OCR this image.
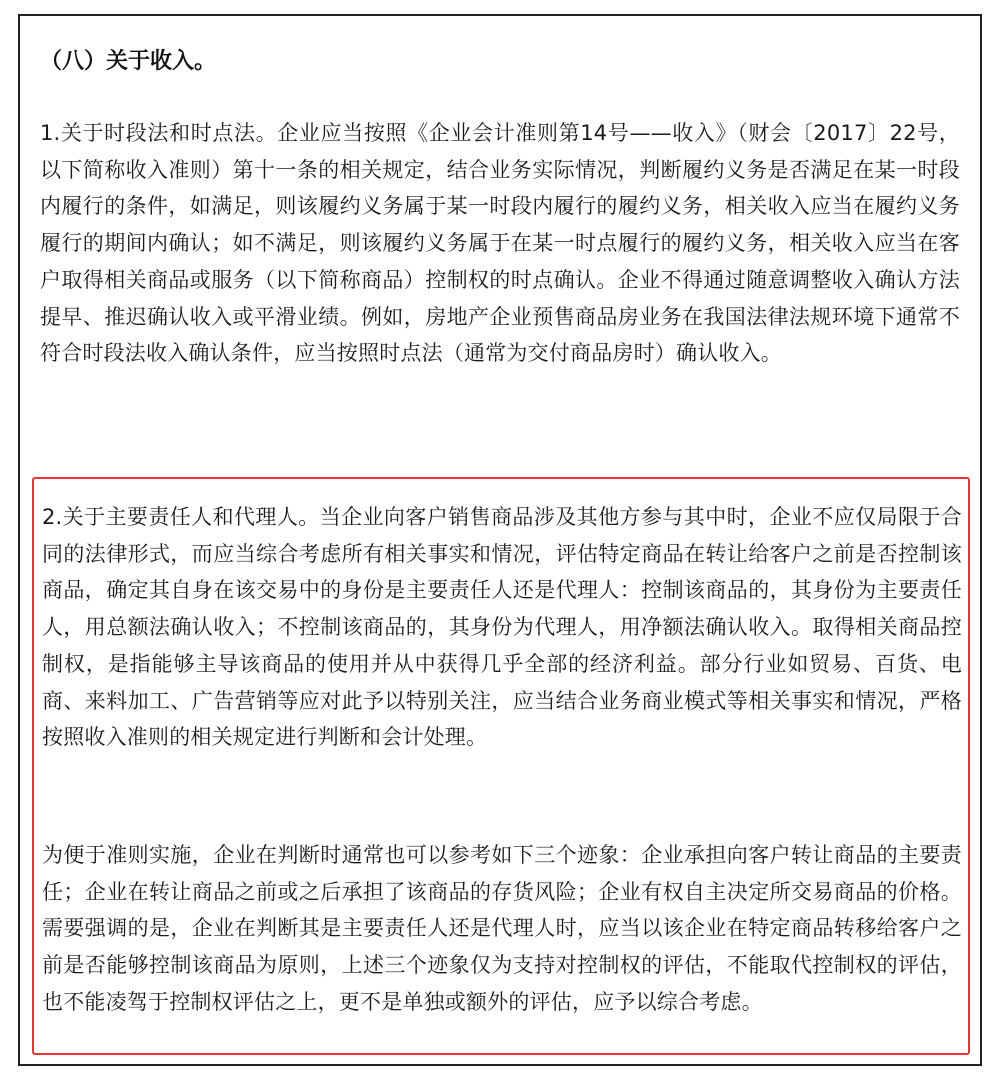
（八）关于收入。

1.关于时段法和时点法。企业应当按照《企业会计准则第14号——收入》（财会〔2017〕22号，以下简称收入准则）第十一条的相关规定，结合业务实际情况，判断履约义务是否满足在某一时段内履行的条件，如满足，则该履约义务属于某一时段内履行的履约义务，相关收入应当在履约义务履行的期间内确认；如不满足，则该履约义务属于在某一时点履行的履约义务，相关收入应当在客户取得相关商品或服务（以下简称商品）控制权的时点确认。企业不得通过随意调整收入确认方法提早、推迟确认收入或平滑业绩。例如，房地产企业预售商品房业务在我国法律法规环境下通常不符合时段法收入确认条件，应当按照时点法（通常为交付商品房时）确认收入。

2.关于主要责任人和代理人。当企业向客户销售商品涉及其他方参与其中时，企业不应仅局限于合同的法律形式，而应当综合考虑所有相关事实和情况，评估特定商品在转让给客户之前是否控制该商品，确定其自身在该交易中的身份是主要责任人还是代理人：控制该商品的，其身份为主要责任人，用总额法确认收入；不控制该商品的，其身份为代理人，用净额法确认收入。取得相关商品控制权，是指能够主导该商品的使用并从中获得几乎全部的经济利益。部分行业如贸易、百货、电商、来料加工、广告营销等应对此予以特别关注，应当结合业务商业模式等相关事实和情况，严格按照收入准则的相关规定进行判断和会计处理。

为便于准则实施，企业在判断时通常也可以参考如下三个迹象：企业承担向客户转让商品的主要责任；企业在转让商品之前或之后承担了该商品的存货风险；企业有权自主决定所交易商品的价格。需要强调的是，企业在判断其是主要责任人还是代理人时，应当以该企业在特定商品转移给客户之前是否能够控制该商品为原则，上述三个迹象仅为支持对控制权的评估，不能取代控制权的评估，也不能凌驾于控制权评估之上，更不是单独或额外的评估，应予以综合考虑。
